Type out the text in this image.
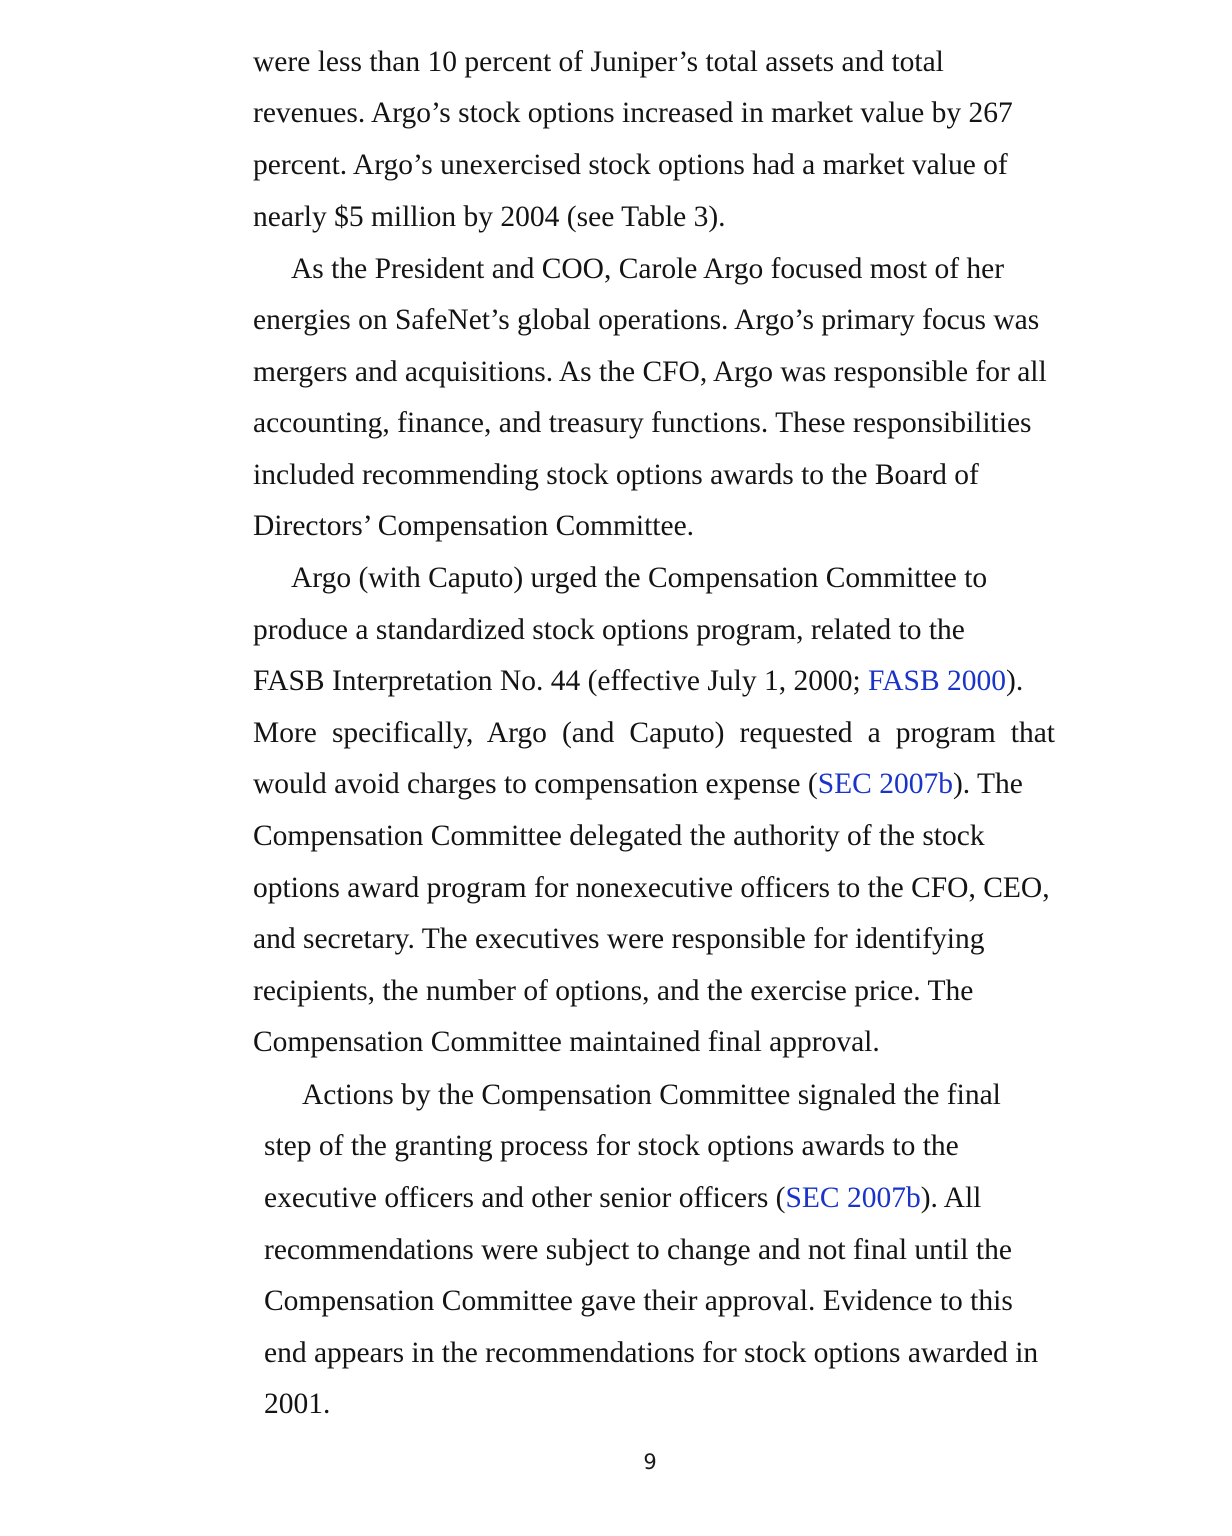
were less than 10 percent of Juniper’s total assets and total

revenues. Argo’s stock options increased in market value by 267

percent. Argo’s unexercised stock options had a market value of

nearly $5 million by 2004 (see Table 3).

As the President and COO, Carole Argo focused most of her

energies on SafeNet’s global operations. Argo’s primary focus was

mergers and acquisitions. As the CFO, Argo was responsible for all

accounting, finance, and treasury functions. These responsibilities

included recommending stock options awards to the Board of

Directors’ Compensation Committee.

Argo (with Caputo) urged the Compensation Committee to

produce a standardized stock options program, related to the

FASB Interpretation No. 44 (effective July 1, 2000; FASB 2000).

More specifically, Argo (and Caputo) requested a program that

would avoid charges to compensation expense (SEC 2007b). The

Compensation Committee delegated the authority of the stock

options award program for nonexecutive officers to the CFO, CEO,

and secretary. The executives were responsible for identifying

recipients, the number of options, and the exercise price. The

Compensation Committee maintained final approval.

Actions by the Compensation Committee signaled the final

step of the granting process for stock options awards to the

executive officers and other senior officers (SEC 2007b). All

recommendations were subject to change and not final until the

Compensation Committee gave their approval. Evidence to this

end appears in the recommendations for stock options awarded in

2001.

9
